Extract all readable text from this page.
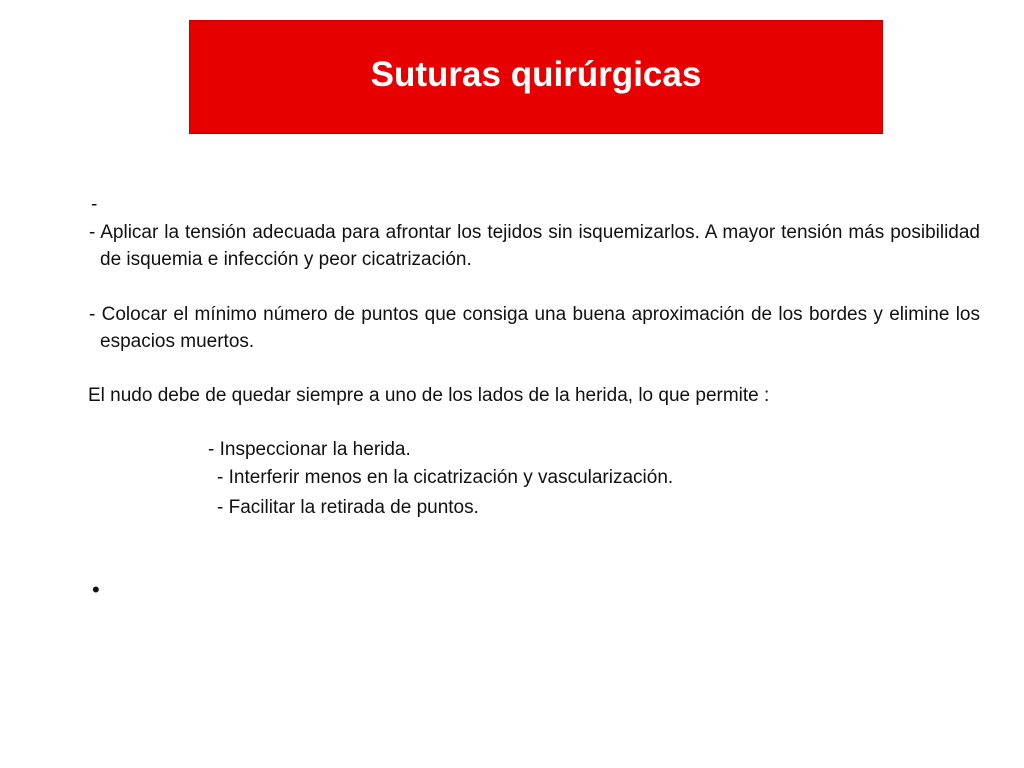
Suturas quirúrgicas
-
- Aplicar la tensión adecuada para afrontar los tejidos sin isquemizarlos. A mayor tensión más posibilidad de isquemia e infección y peor cicatrización.
- Colocar el mínimo número de puntos que consiga una buena aproximación de los bordes y elimine los espacios muertos.
El nudo debe de quedar siempre a uno de los lados de la herida, lo que permite :
- Inspeccionar la herida.
- Interferir menos en la cicatrización y vascularización.
- Facilitar la retirada de puntos.
•
